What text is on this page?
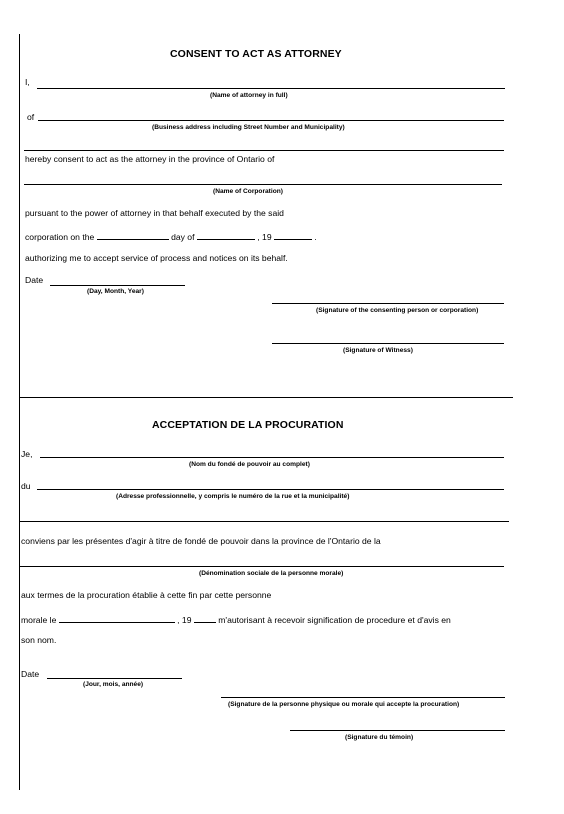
CONSENT TO ACT AS ATTORNEY
I,
(Name of attorney in full)
of
(Business address including Street Number and Municipality)
hereby consent to act as the attorney in the province of Ontario of
(Name of Corporation)
pursuant to the power of attorney in that behalf executed by the said
corporation on the	day of	, 19	.
authorizing me to accept service of process and notices on its behalf.
Date
(Day, Month, Year)
(Signature of the consenting person or corporation)
(Signature of Witness)
ACCEPTATION DE LA PROCURATION
Je,
(Nom du fondé de pouvoir au complet)
du
(Adresse professionnelle, y compris le numéro de la rue et la municipalité)
conviens par les présentes d'agir à titre de fondé de pouvoir dans la province de l'Ontario de la
(Dénomination sociale de la personne morale)
aux termes de la procuration établie à cette fin par cette personne
morale le	, 19	m'autorisant à recevoir signification de procedure et d'avis en
son nom.
Date
(Jour, mois, année)
(Signature de la personne physique ou morale qui accepte la procuration)
(Signature du témoin)
